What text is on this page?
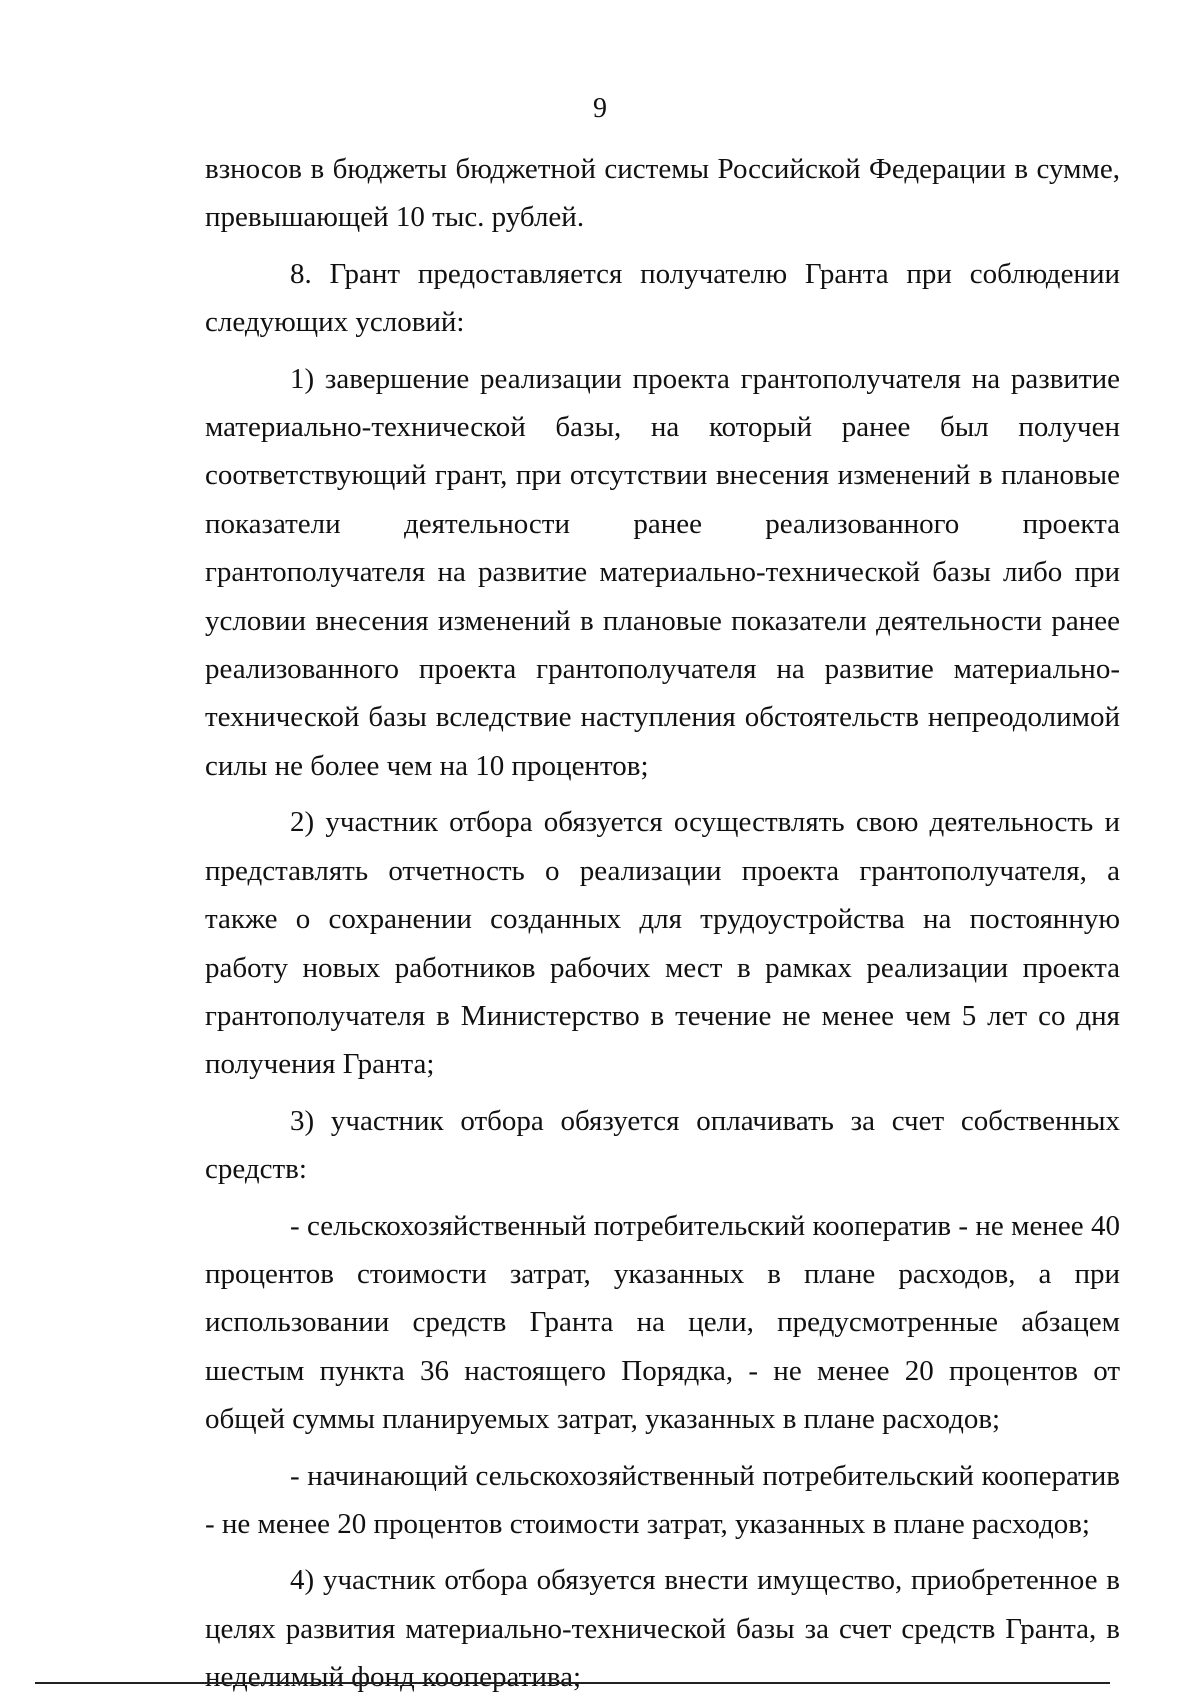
9

взносов в бюджеты бюджетной системы Российской Федерации в сумме, превышающей 10 тыс. рублей.

8. Грант предоставляется получателю Гранта при соблюдении следующих условий:

1) завершение реализации проекта грантополучателя на развитие материально-технической базы, на который ранее был получен соответствующий грант, при отсутствии внесения изменений в плановые показатели деятельности ранее реализованного проекта грантополучателя на развитие материально-технической базы либо при условии внесения изменений в плановые показатели деятельности ранее реализованного проекта грантополучателя на развитие материально-технической базы вследствие наступления обстоятельств непреодолимой силы не более чем на 10 процентов;

2) участник отбора обязуется осуществлять свою деятельность и представлять отчетность о реализации проекта грантополучателя, а также о сохранении созданных для трудоустройства на постоянную работу новых работников рабочих мест в рамках реализации проекта грантополучателя в Министерство в течение не менее чем 5 лет со дня получения Гранта;

3) участник отбора обязуется оплачивать за счет собственных средств:

- сельскохозяйственный потребительский кооператив - не менее 40 процентов стоимости затрат, указанных в плане расходов, а при использовании средств Гранта на цели, предусмотренные абзацем шестым пункта 36 настоящего Порядка, - не менее 20 процентов от общей суммы планируемых затрат, указанных в плане расходов;

- начинающий сельскохозяйственный потребительский кооператив - не менее 20 процентов стоимости затрат, указанных в плане расходов;

4) участник отбора обязуется внести имущество, приобретенное в целях развития материально-технической базы за счет средств Гранта, в неделимый фонд кооператива;
